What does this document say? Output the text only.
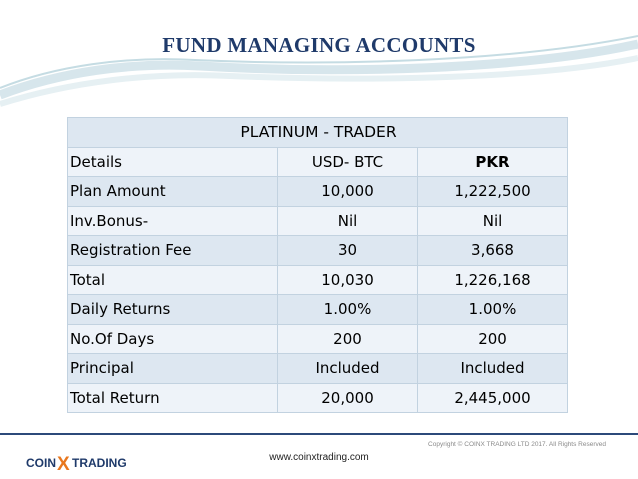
FUND MANAGING ACCOUNTS
PLATINUM - TRADER		
Details	USD- BTC	PKR
Plan Amount	10,000	1,222,500
Inv.Bonus-	Nil	Nil
Registration Fee	30	3,668
Total	10,030	1,226,168
Daily Returns	1.00%	1.00%
No.Of Days	200	200
Principal	Included	Included
Total Return	20,000	2,445,000
COIN X TRADING
Copyright © COINX TRADING LTD 2017. All Rights Reserved
www.coinxtrading.com
